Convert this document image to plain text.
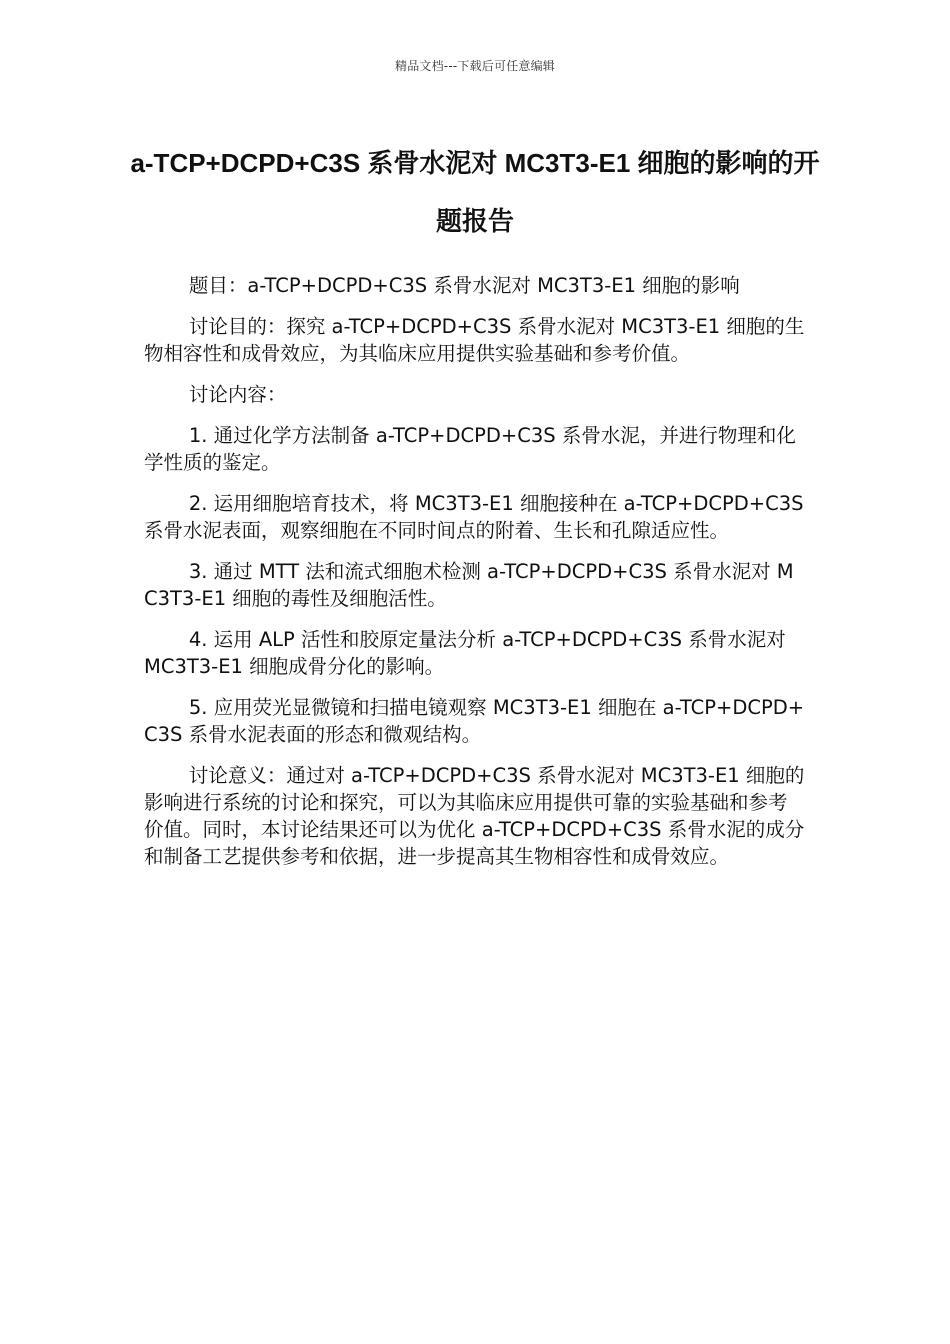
精品文档---下载后可任意编辑
a-TCP+DCPD+C3S 系骨水泥对 MC3T3-E1 细胞的影响的开题报告

题目：a-TCP+DCPD+C3S 系骨水泥对 MC3T3-E1 细胞的影响

讨论目的：探究 a-TCP+DCPD+C3S 系骨水泥对 MC3T3-E1 细胞的生物相容性和成骨效应，为其临床应用提供实验基础和参考价值。

讨论内容：

1. 通过化学方法制备 a-TCP+DCPD+C3S 系骨水泥，并进行物理和化学性质的鉴定。

2. 运用细胞培育技术，将 MC3T3-E1 细胞接种在 a-TCP+DCPD+C3S 系骨水泥表面，观察细胞在不同时间点的附着、生长和孔隙适应性。

3. 通过 MTT 法和流式细胞术检测 a-TCP+DCPD+C3S 系骨水泥对 MC3T3-E1 细胞的毒性及细胞活性。

4. 运用 ALP 活性和胶原定量法分析 a-TCP+DCPD+C3S 系骨水泥对 MC3T3-E1 细胞成骨分化的影响。

5. 应用荧光显微镜和扫描电镜观察 MC3T3-E1 细胞在 a-TCP+DCPD+C3S 系骨水泥表面的形态和微观结构。

讨论意义：通过对 a-TCP+DCPD+C3S 系骨水泥对 MC3T3-E1 细胞的影响进行系统的讨论和探究，可以为其临床应用提供可靠的实验基础和参考价值。同时，本讨论结果还可以为优化 a-TCP+DCPD+C3S 系骨水泥的成分和制备工艺提供参考和依据，进一步提高其生物相容性和成骨效应。
